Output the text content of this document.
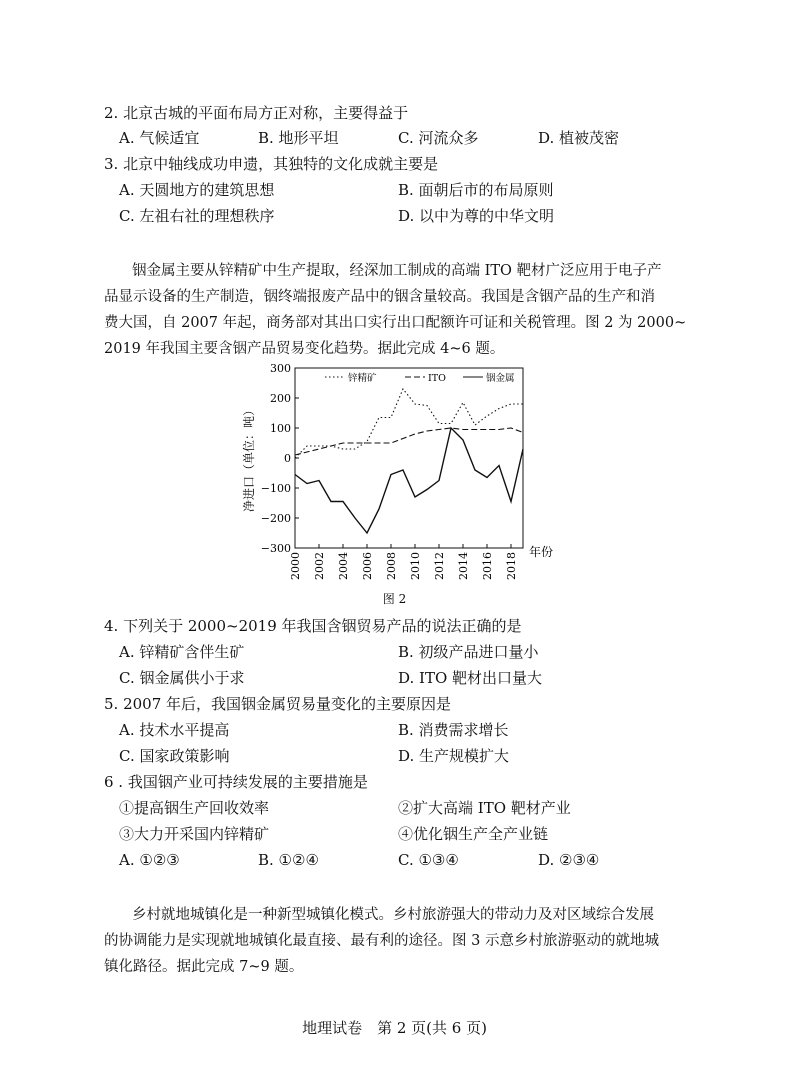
2. 北京古城的平面布局方正对称，主要得益于
A. 气候适宜	B. 地形平坦	C. 河流众多	D. 植被茂密
3. 北京中轴线成功申遗，其独特的文化成就主要是
A. 天圆地方的建筑思想	B. 面朝后市的布局原则
C. 左祖右社的理想秩序	D. 以中为尊的中华文明
铟金属主要从锌精矿中生产提取，经深加工制成的高端 ITO 靶材广泛应用于电子产
品显示设备的生产制造，铟终端报废产品中的铟含量较高。我国是含铟产品的生产和消
费大国，自 2007 年起，商务部对其出口实行出口配额许可证和关税管理。图 2 为 2000~
2019 年我国主要含铟产品贸易变化趋势。据此完成 4~6 题。
300
200
100
0
−100
−200
−300
2000 2002 2004 2006 2008 2010 2012 2014 2016 2018 年份
净进口（单位：吨）
锌精矿	ITO	铟金属
图 2
4. 下列关于 2000~2019 年我国含铟贸易产品的说法正确的是
A. 锌精矿含伴生矿	B. 初级产品进口量小
C. 铟金属供小于求	D. ITO 靶材出口量大
5. 2007 年后，我国铟金属贸易量变化的主要原因是
A. 技术水平提高	B. 消费需求增长
C. 国家政策影响	D. 生产规模扩大
6 . 我国铟产业可持续发展的主要措施是
①提高铟生产回收效率	②扩大高端 ITO 靶材产业
③大力开采国内锌精矿	④优化铟生产全产业链
A. ①②③	B. ①②④	C. ①③④	D. ②③④
乡村就地城镇化是一种新型城镇化模式。乡村旅游强大的带动力及对区域综合发展
的协调能力是实现就地城镇化最直接、最有利的途径。图 3 示意乡村旅游驱动的就地城
镇化路径。据此完成 7~9 题。
地理试卷　第 2 页(共 6 页)
